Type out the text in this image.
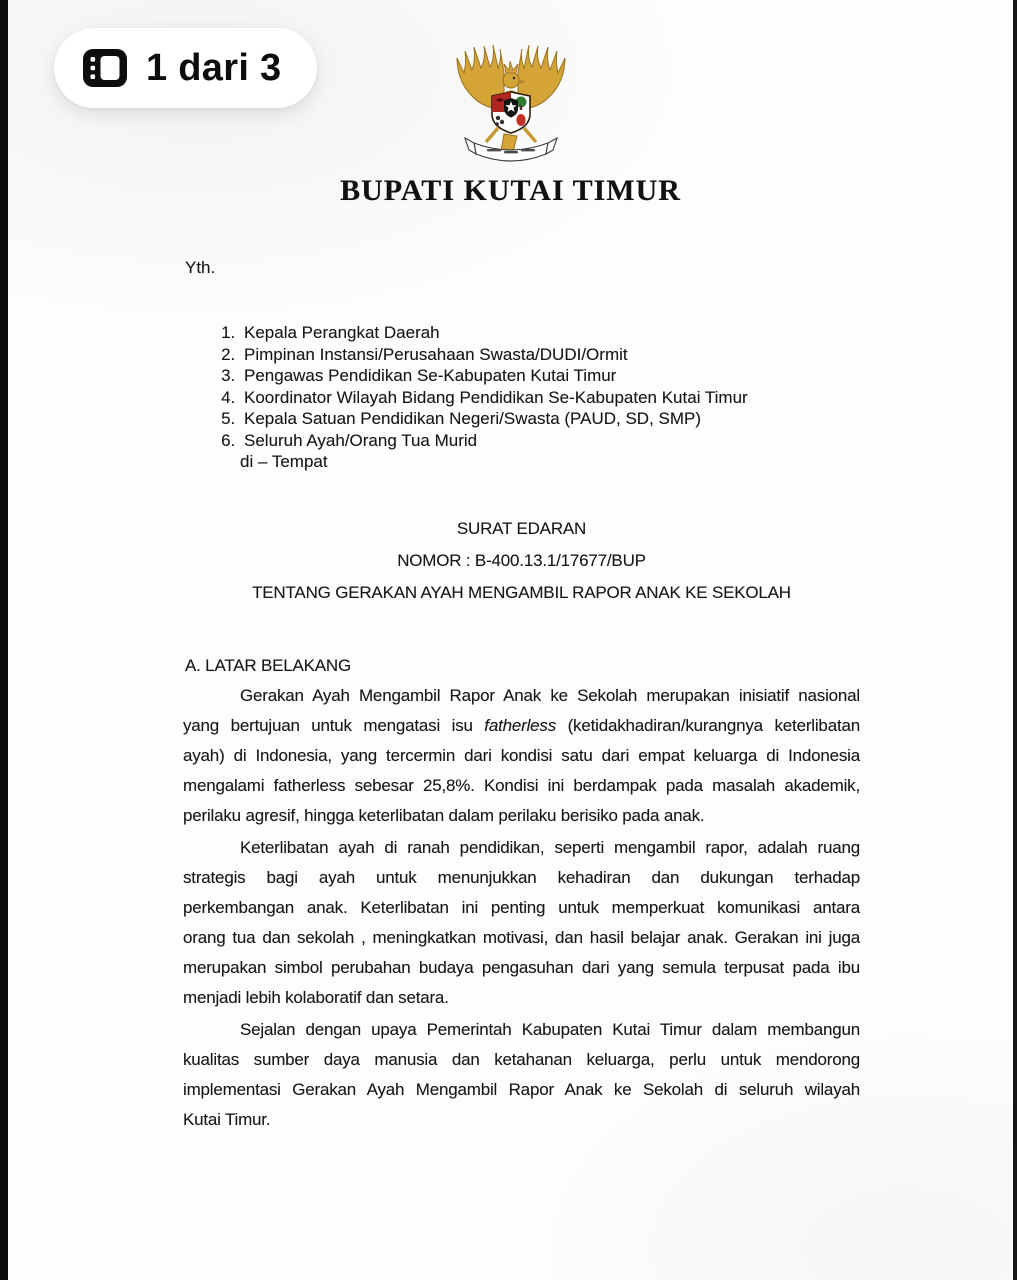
1 dari 3
BUPATI KUTAI TIMUR

Yth.

1. Kepala Perangkat Daerah
2. Pimpinan Instansi/Perusahaan Swasta/DUDI/Ormit
3. Pengawas Pendidikan Se-Kabupaten Kutai Timur
4. Koordinator Wilayah Bidang Pendidikan Se-Kabupaten Kutai Timur
5. Kepala Satuan Pendidikan Negeri/Swasta (PAUD, SD, SMP)
6. Seluruh Ayah/Orang Tua Murid
di – Tempat
SURAT EDARAN
NOMOR : B-400.13.1/17677/BUP
TENTANG GERAKAN AYAH MENGAMBIL RAPOR ANAK KE SEKOLAH
A. LATAR BELAKANG

Gerakan Ayah Mengambil Rapor Anak ke Sekolah merupakan inisiatif nasional
yang bertujuan untuk mengatasi isu fatherless (ketidakhadiran/kurangnya keterlibatan
ayah) di Indonesia, yang tercermin dari kondisi satu dari empat keluarga di Indonesia
mengalami fatherless sebesar 25,8%. Kondisi ini berdampak pada masalah akademik,
perilaku agresif, hingga keterlibatan dalam perilaku berisiko pada anak.

Keterlibatan ayah di ranah pendidikan, seperti mengambil rapor, adalah ruang
strategis bagi ayah untuk menunjukkan kehadiran dan dukungan terhadap
perkembangan anak. Keterlibatan ini penting untuk memperkuat komunikasi antara
orang tua dan sekolah , meningkatkan motivasi, dan hasil belajar anak. Gerakan ini juga
merupakan simbol perubahan budaya pengasuhan dari yang semula terpusat pada ibu
menjadi lebih kolaboratif dan setara.

Sejalan dengan upaya Pemerintah Kabupaten Kutai Timur dalam membangun
kualitas sumber daya manusia dan ketahanan keluarga, perlu untuk mendorong
implementasi Gerakan Ayah Mengambil Rapor Anak ke Sekolah di seluruh wilayah
Kutai Timur.
